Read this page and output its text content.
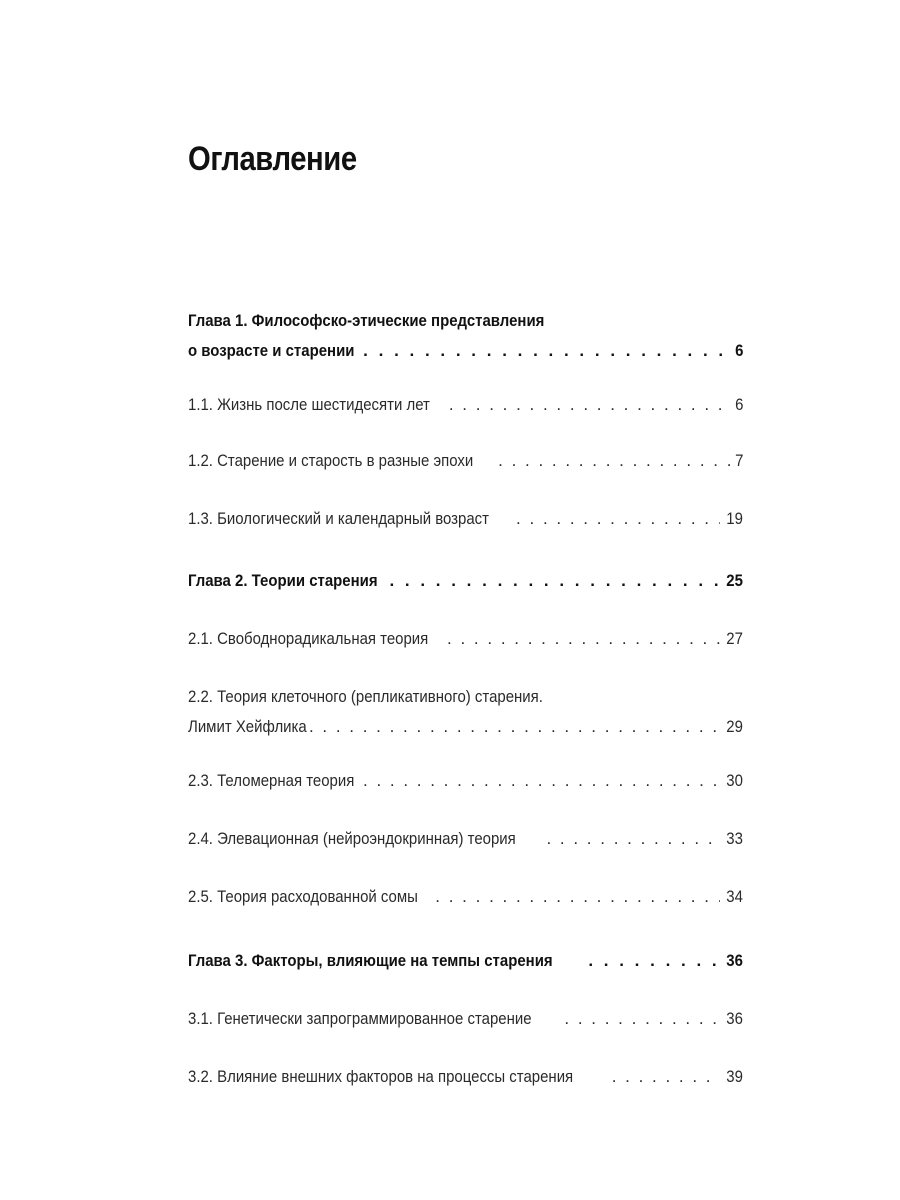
Оглавление
Глава 1. Философско-этические представления
о возрасте и старении . . .	6
1.1. Жизнь после шестидесяти лет . . .	6
1.2. Старение и старость в разные эпохи . . .	7
1.3. Биологический и календарный возраст . . .	19
Глава 2. Теории старения . . .	25
2.1. Свободнорадикальная теория . . .	27
2.2. Теория клеточного (репликативного) старения.
Лимит Хейфлика . . .	29
2.3. Теломерная теория . . .	30
2.4. Элевационная (нейроэндокринная) теория . . .	33
2.5. Теория расходованной сомы . . .	34
Глава 3. Факторы, влияющие на темпы старения . . .	36
3.1. Генетически запрограммированное старение . . .	36
3.2. Влияние внешних факторов на процессы старения . . .	39
